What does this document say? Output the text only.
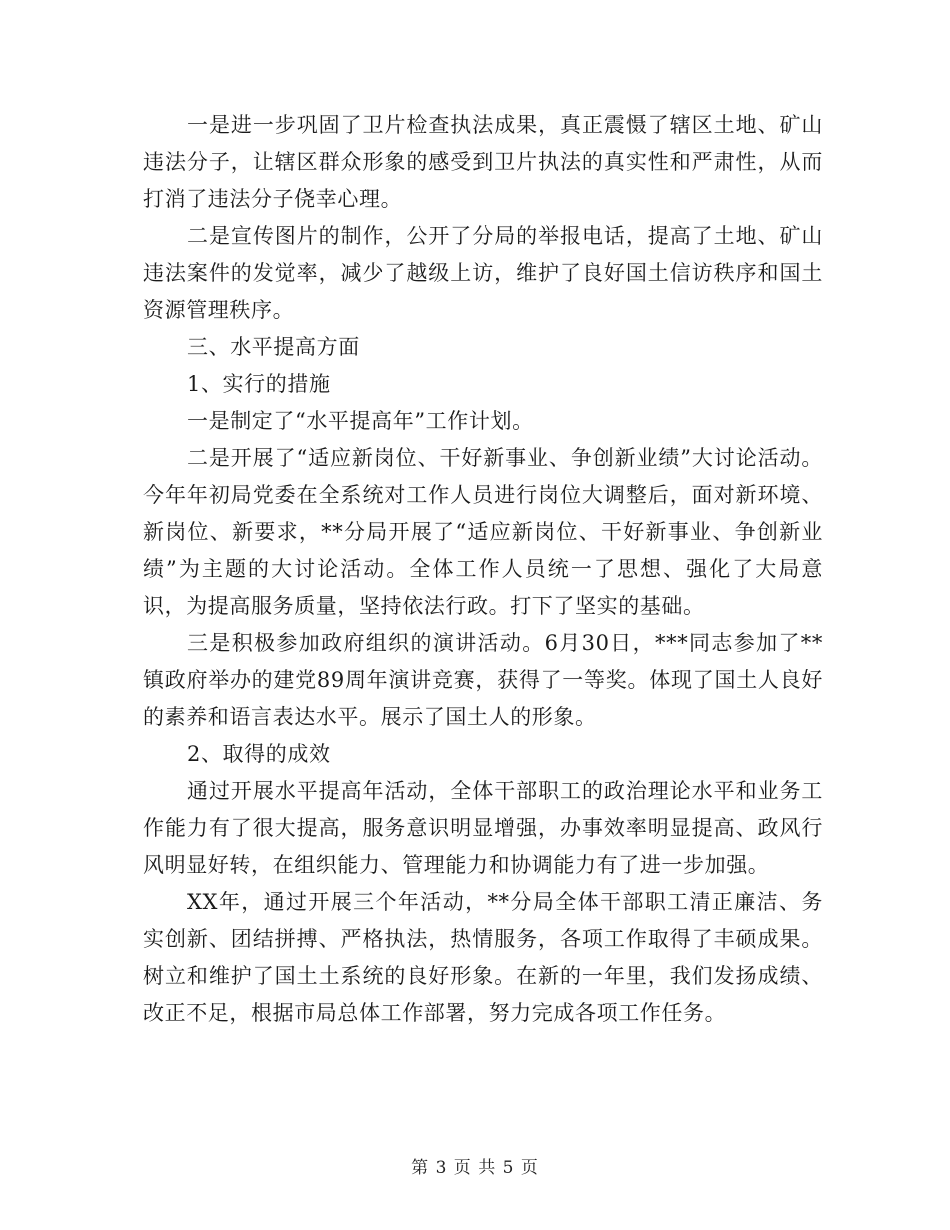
一是进一步巩固了卫片检查执法成果，真正震慑了辖区土地、矿山违法分子，让辖区群众形象的感受到卫片执法的真实性和严肃性，从而打消了违法分子侥幸心理。

二是宣传图片的制作，公开了分局的举报电话，提高了土地、矿山违法案件的发觉率，减少了越级上访，维护了良好国土信访秩序和国土资源管理秩序。

三、水平提高方面

1、实行的措施

一是制定了“水平提高年”工作计划。

二是开展了“适应新岗位、干好新事业、争创新业绩”大讨论活动。今年年初局党委在全系统对工作人员进行岗位大调整后，面对新环境、新岗位、新要求，**分局开展了“适应新岗位、干好新事业、争创新业绩”为主题的大讨论活动。全体工作人员统一了思想、强化了大局意识，为提高服务质量，坚持依法行政。打下了坚实的基础。

三是积极参加政府组织的演讲活动。6月30日，***同志参加了**镇政府举办的建党89周年演讲竞赛，获得了一等奖。体现了国土人良好的素养和语言表达水平。展示了国土人的形象。

2、取得的成效

通过开展水平提高年活动，全体干部职工的政治理论水平和业务工作能力有了很大提高，服务意识明显增强，办事效率明显提高、政风行风明显好转，在组织能力、管理能力和协调能力有了进一步加强。

XX年，通过开展三个年活动，**分局全体干部职工清正廉洁、务实创新、团结拼搏、严格执法，热情服务，各项工作取得了丰硕成果。树立和维护了国土土系统的良好形象。在新的一年里，我们发扬成绩、改正不足，根据市局总体工作部署，努力完成各项工作任务。

第 3 页 共 5 页
